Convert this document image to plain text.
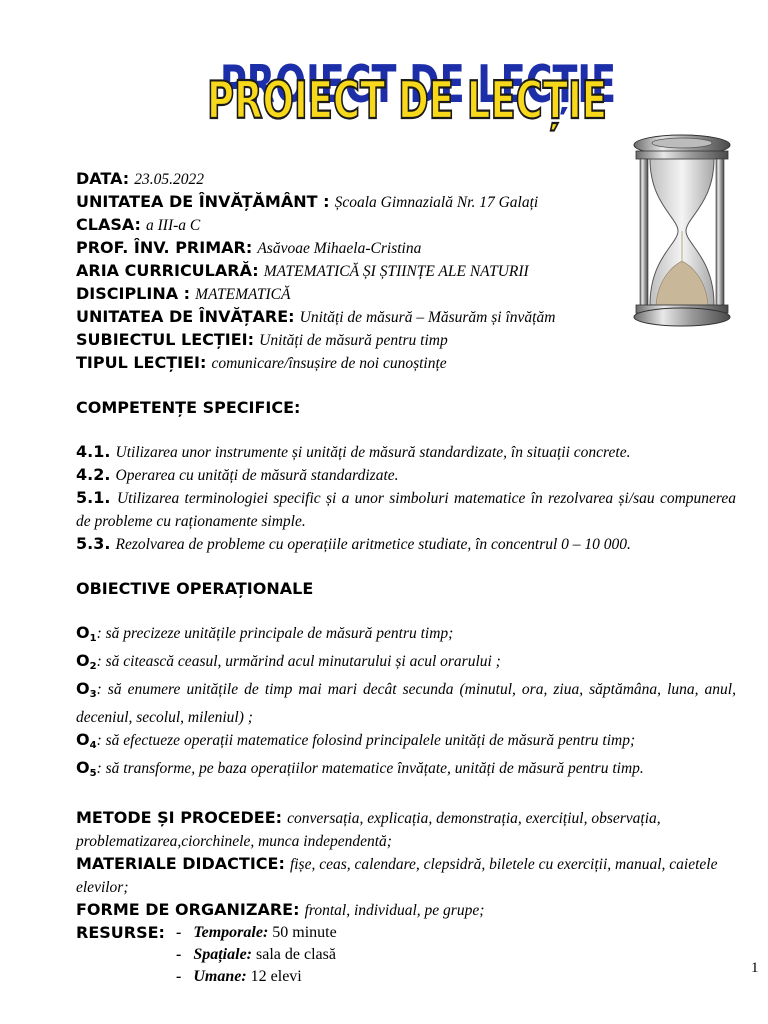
PROIECT DE LECȚIE
PROIECT DE LECȚIE
DATA: 23.05.2022
UNITATEA DE ÎNVĂȚĂMÂNT : Școala Gimnazială Nr. 17 Galați
CLASA: a III-a C
PROF. ÎNV. PRIMAR: Asăvoae Mihaela-Cristina
ARIA CURRICULARĂ: MATEMATICĂ ȘI ȘTIINȚE ALE NATURII
DISCIPLINA : MATEMATICĂ
UNITATEA DE ÎNVĂȚARE: Unități de măsură – Măsurăm și învățăm
SUBIECTUL LECȚIEI: Unități de măsură pentru timp
TIPUL LECȚIEI: comunicare/însușire de noi cunoștințe
COMPETENȚE SPECIFICE:
4.1. Utilizarea unor instrumente și unități de măsură standardizate, în situații concrete.
4.2. Operarea cu unități de măsură standardizate.
5.1. Utilizarea terminologiei specific și a unor simboluri matematice în rezolvarea și/sau compunerea de probleme cu raționamente simple.
5.3. Rezolvarea de probleme cu operațiile aritmetice studiate, în concentrul 0 – 10 000.
OBIECTIVE OPERAȚIONALE
$O_1$: să precizeze unitățile principale de măsură pentru timp;
$O_2$: să citească ceasul, urmărind acul minutarului și acul orarului ;
$O_3$: să enumere unitățile de timp mai mari decât secunda (minutul, ora, ziua, săptămâna, luna, anul, deceniul, secolul, mileniul) ;
$O_4$: să efectueze operații matematice folosind principalele unități de măsură pentru timp;
$O_5$: să transforme, pe baza operațiilor matematice învățate, unități de măsură pentru timp.
METODE ȘI PROCEDEE: conversația, explicația, demonstrația, exercițiul, observația, problematizarea,ciorchinele, munca independentă;
MATERIALE DIDACTICE: fișe, ceas, calendare, clepsidră, biletele cu exerciții, manual, caietele elevilor;
FORME DE ORGANIZARE: frontal, individual, pe grupe;
RESURSE: - Temporale: 50 minute
- Spațiale: sala de clasă
- Umane: 12 elevi	1
